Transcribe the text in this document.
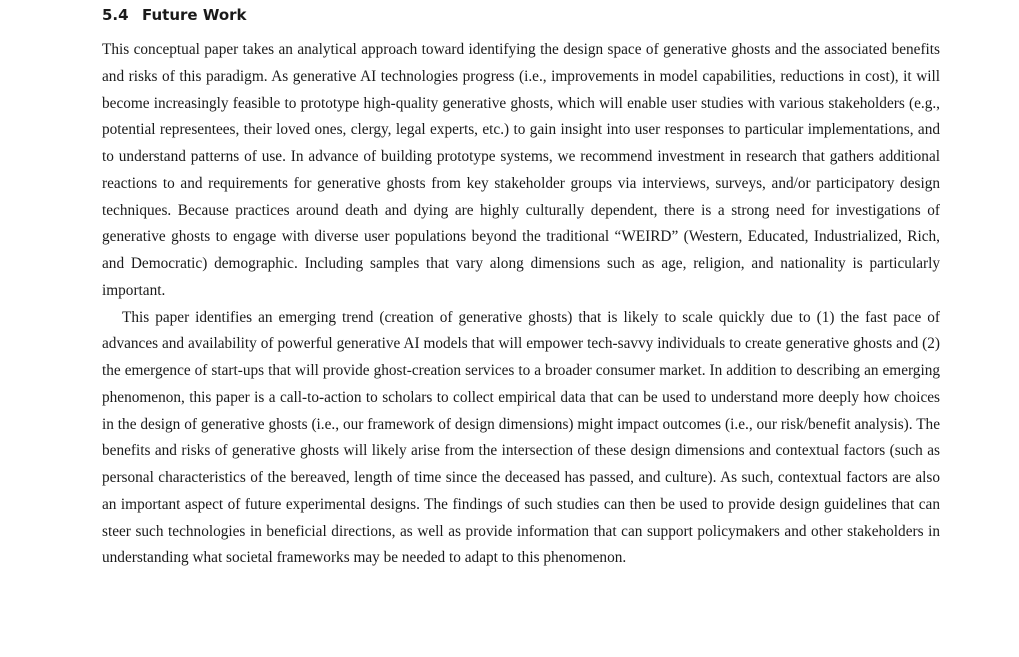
5.4 Future Work

This conceptual paper takes an analytical approach toward identifying the design space of generative ghosts and the associated benefits and risks of this paradigm. As generative AI technologies progress (i.e., improvements in model capabilities, reductions in cost), it will become increasingly feasible to prototype high-quality generative ghosts, which will enable user studies with various stakeholders (e.g., potential representees, their loved ones, clergy, legal experts, etc.) to gain insight into user responses to particular implementations, and to understand patterns of use. In advance of building prototype systems, we recommend investment in research that gathers additional reactions to and requirements for generative ghosts from key stakeholder groups via interviews, surveys, and/or participatory design techniques. Because practices around death and dying are highly culturally dependent, there is a strong need for investigations of generative ghosts to engage with diverse user populations beyond the traditional “WEIRD” (Western, Educated, Industrialized, Rich, and Democratic) demographic. Including samples that vary along dimensions such as age, religion, and nationality is particularly important.

This paper identifies an emerging trend (creation of generative ghosts) that is likely to scale quickly due to (1) the fast pace of advances and availability of powerful generative AI models that will empower tech-savvy individuals to create generative ghosts and (2) the emergence of start-ups that will provide ghost-creation services to a broader consumer market. In addition to describing an emerging phenomenon, this paper is a call-to-action to scholars to collect empirical data that can be used to understand more deeply how choices in the design of generative ghosts (i.e., our framework of design dimensions) might impact outcomes (i.e., our risk/benefit analysis). The benefits and risks of generative ghosts will likely arise from the intersection of these design dimensions and contextual factors (such as personal characteristics of the bereaved, length of time since the deceased has passed, and culture). As such, contextual factors are also an important aspect of future experimental designs. The findings of such studies can then be used to provide design guidelines that can steer such technologies in beneficial directions, as well as provide information that can support policymakers and other stakeholders in understanding what societal frameworks may be needed to adapt to this phenomenon.
